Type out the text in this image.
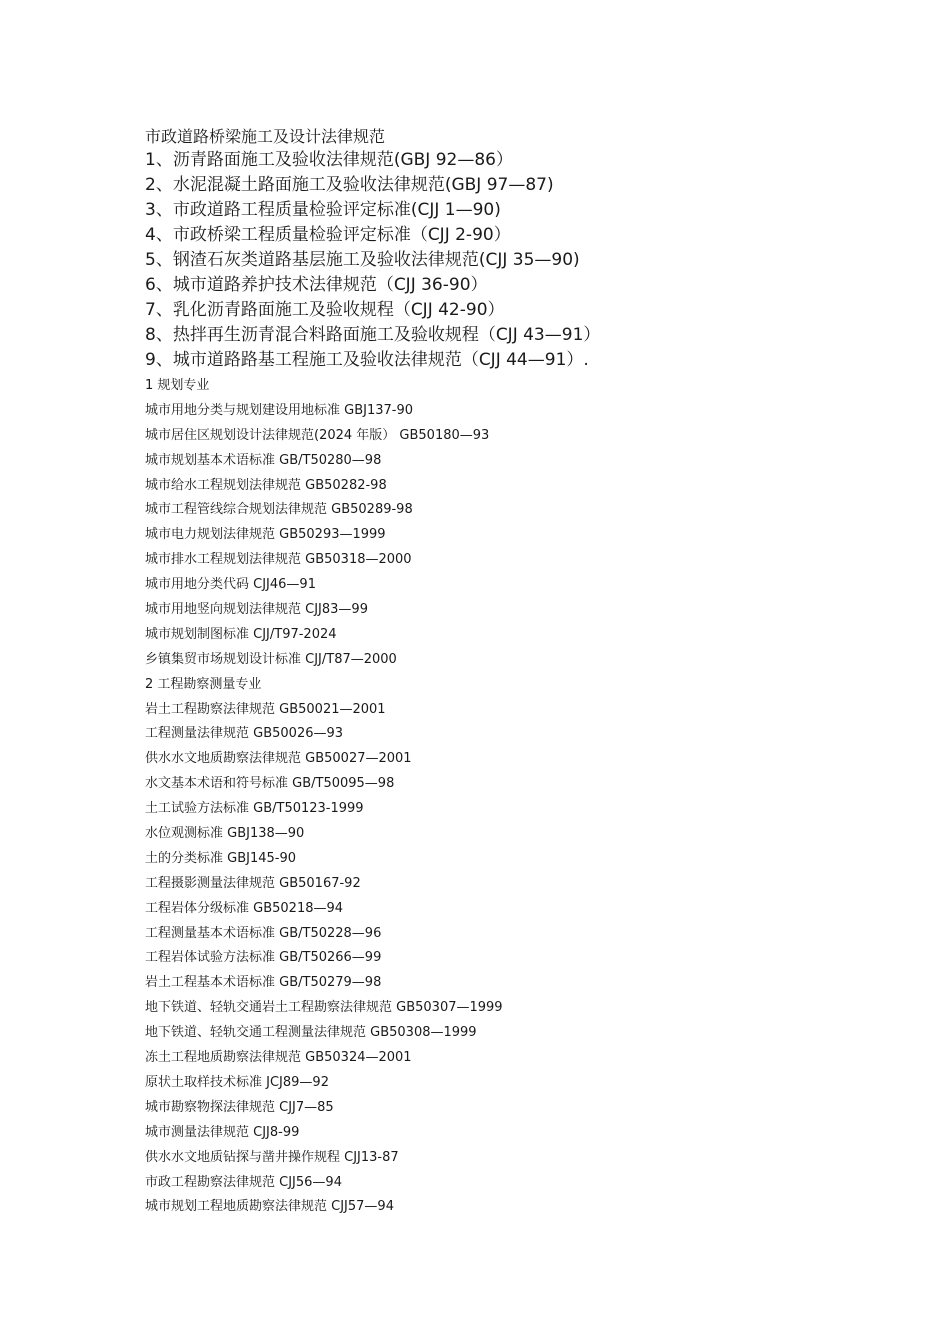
市政道路桥梁施工及设计法律规范
1、沥青路面施工及验收法律规范(GBJ 92—86）
2、水泥混凝土路面施工及验收法律规范(GBJ 97—87)
3、市政道路工程质量检验评定标准(CJJ 1—90)
4、市政桥梁工程质量检验评定标准（CJJ 2-90）
5、钢渣石灰类道路基层施工及验收法律规范(CJJ 35—90)
6、城市道路养护技术法律规范（CJJ 36-90）
7、乳化沥青路面施工及验收规程（CJJ 42-90）
8、热拌再生沥青混合料路面施工及验收规程（CJJ 43—91）
9、城市道路路基工程施工及验收法律规范（CJJ 44—91）.
1 规划专业
城市用地分类与规划建设用地标准 GBJ137-90
城市居住区规划设计法律规范(2024 年版） GB50180—93
城市规划基本术语标准 GB/T50280—98
城市给水工程规划法律规范 GB50282-98
城市工程管线综合规划法律规范 GB50289-98
城市电力规划法律规范 GB50293—1999
城市排水工程规划法律规范 GB50318—2000
城市用地分类代码 CJJ46—91
城市用地竖向规划法律规范 CJJ83—99
城市规划制图标准 CJJ/T97-2024
乡镇集贸市场规划设计标准 CJJ/T87—2000
2 工程勘察测量专业
岩土工程勘察法律规范 GB50021—2001
工程测量法律规范 GB50026—93
供水水文地质勘察法律规范 GB50027—2001
水文基本术语和符号标准 GB/T50095—98
土工试验方法标准 GB/T50123-1999
水位观测标准 GBJ138—90
土的分类标准 GBJ145-90
工程摄影测量法律规范 GB50167-92
工程岩体分级标准 GB50218—94
工程测量基本术语标准 GB/T50228—96
工程岩体试验方法标准 GB/T50266—99
岩土工程基本术语标准 GB/T50279—98
地下铁道、轻轨交通岩土工程勘察法律规范 GB50307—1999
地下铁道、轻轨交通工程测量法律规范 GB50308—1999
冻土工程地质勘察法律规范 GB50324—2001
原状土取样技术标准 JCJ89—92
城市勘察物探法律规范 CJJ7—85
城市测量法律规范 CJJ8-99
供水水文地质钻探与凿井操作规程 CJJ13-87
市政工程勘察法律规范 CJJ56—94
城市规划工程地质勘察法律规范 CJJ57—94
